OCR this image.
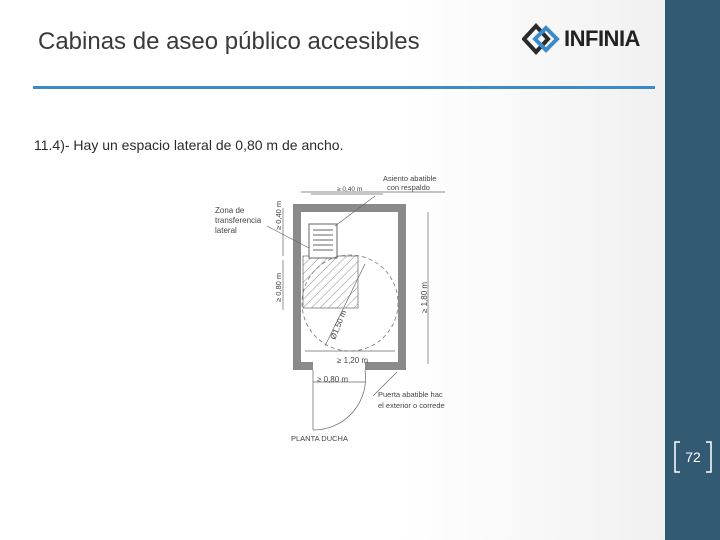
Cabinas de aseo público accesibles	INFINIA
11.4)- Hay un espacio lateral de 0,80 m de ancho.
Asiento abatible
con respaldo
≥ 0,40 m
Zona de
transferencia
lateral
≥ 0,40 m
≥ 0,80 m	≥ 1,80 m
Ø1,50 m
≥ 1,20 m
≥ 0,80 m
Puerta abatible hac
el exterior o correde
PLANTA DUCHA
72
